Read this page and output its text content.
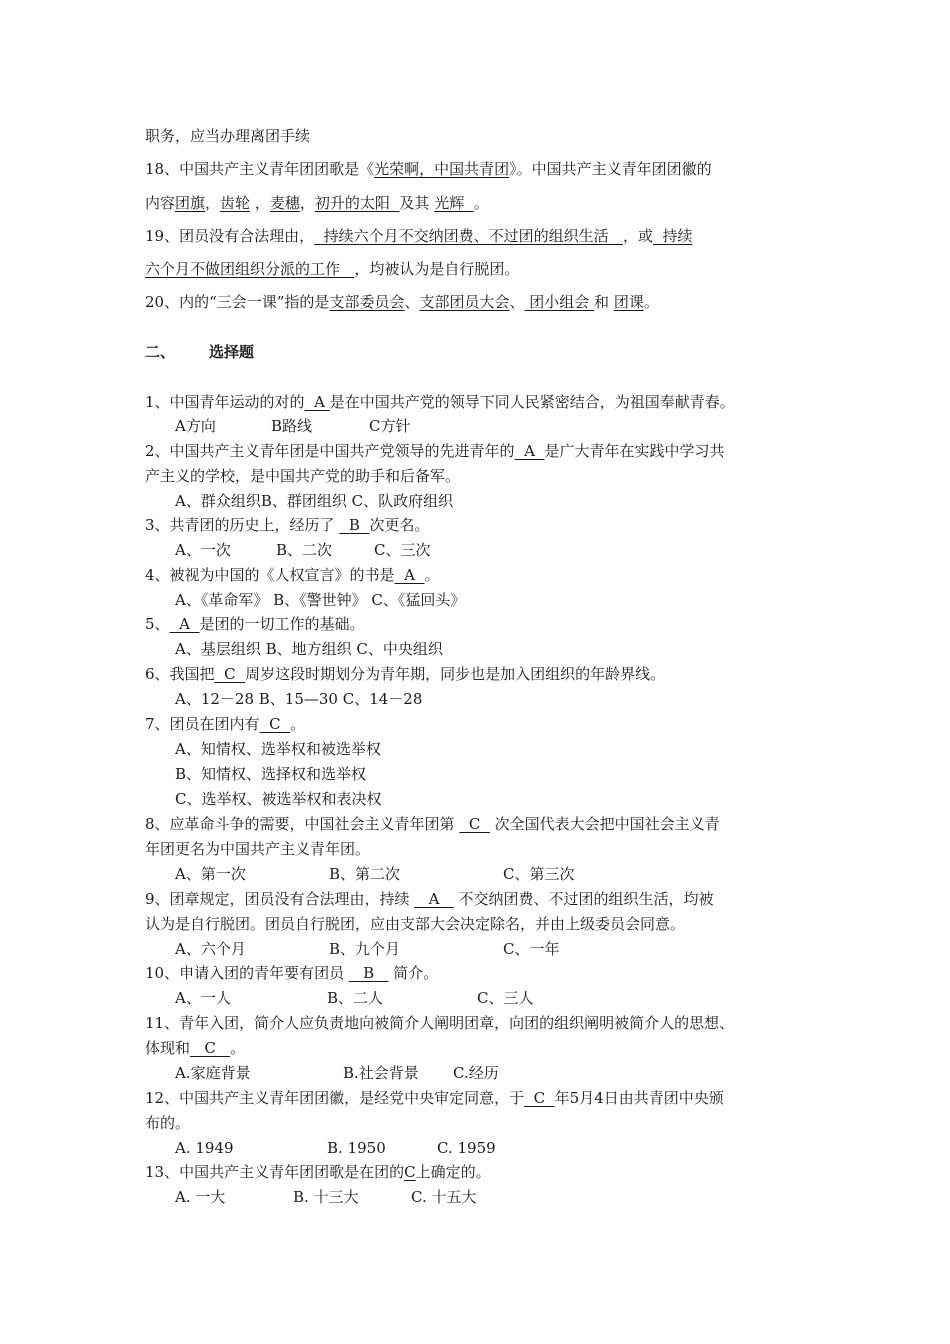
职务，应当办理离团手续
18、中国共产主义青年团团歌是《光荣啊，中国共青团》。中国共产主义青年团团徽的
内容团旗，齿轮 ，麦穗，初升的太阳  及其 光辉  。
19、团员没有合法理由，  持续六个月不交纳团费、不过团的组织生活   ，或  持续
六个月不做团组织分派的工作   ，均被认为是自行脱团。
20、内的“三会一课”指的是支部委员会、支部团员大会、 团小组会 和 团课。
二、 选择题
1、中国青年运动的对的  A 是在中国共产党的领导下同人民紧密结合，为祖国奉献青春。
A方向	B路线	C方针
2、中国共产主义青年团是中国共产党领导的先进青年的  A  是广大青年在实践中学习共
产主义的学校，是中国共产党的助手和后备军。
A、群众组织B、群团组织 C、队政府组织
3、共青团的历史上，经历了   B  次更名。
A、一次	B、二次	C、三次
4、被视为中国的《人权宣言》的书是  A  。
A、《革命军》 B、《警世钟》 C、《猛回头》
5、  A  是团的一切工作的基础。
A、基层组织 B、地方组织 C、中央组织
6、我国把  C  周岁这段时期划分为青年期，同步也是加入团组织的年龄界线。
A、12－28 B、15—30 C、14－28
7、团员在团内有  C  。
A、知情权、选举权和被选举权
B、知情权、选择权和选举权
C、选举权、被选举权和表决权
8、应革命斗争的需要，中国社会主义青年团第   C   次全国代表大会把中国社会主义青
年团更名为中国共产主义青年团。
A、第一次	B、第二次	C、第三次
9、团章规定，团员没有合法理由，持续    A    不交纳团费、不过团的组织生活，均被
认为是自行脱团。团员自行脱团，应由支部大会决定除名，并由上级委员会同意。
A、六个月	B、九个月	C、一年
10、申请入团的青年要有团员    B    简介。
A、一人	B、二人	C、三人
11、青年入团，简介人应负责地向被简介人阐明团章，向团的组织阐明被简介人的思想、
体现和   C   。
A.家庭背景	B.社会背景 C.经历
12、中国共产主义青年团团徽，是经党中央审定同意，于  C  年5月4日由共青团中央颁
布的。
A. 1949	B. 1950	C. 1959
13、中国共产主义青年团团歌是在团的C上确定的。
A. 一大	B. 十三大	C. 十五大
